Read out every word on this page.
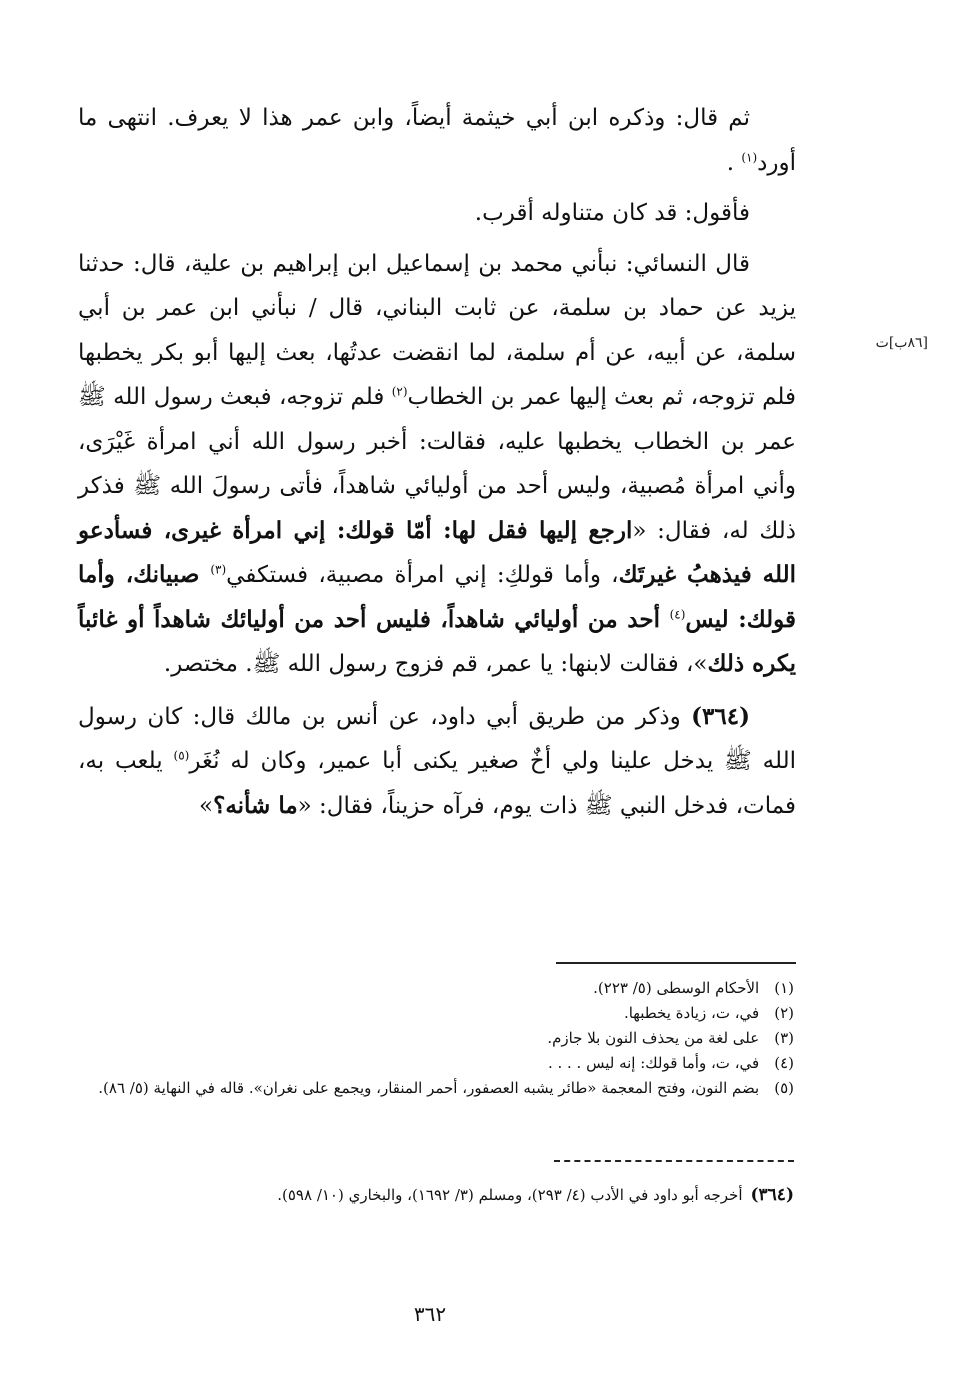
ثم قال: وذكره ابن أبي خيثمة أيضاً، وابن عمر هذا لا يعرف. انتهى ما أورد$^{(١)}$ .

فأقول: قد كان متناوله أقرب.

قال النسائي: نبأني محمد بن إسماعيل ابن إبراهيم بن علية، قال: حدثنا يزيد عن حماد بن سلمة، عن ثابت البناني، قال / نبأني ابن عمر بن أبي سلمة، عن أبيه، عن أم سلمة، لما انقضت عدتُها، بعث إليها أبو بكر يخطبها فلم تزوجه، ثم بعث إليها عمر بن الخطاب$^{(٢)}$ فلم تزوجه، فبعث رسول الله ﷺ عمر بن الخطاب يخطبها عليه، فقالت: أخبر رسول الله أني امرأة غَيْرَى، وأني امرأة مُصبية، وليس أحد من أوليائي شاهداً، فأتى رسولَ الله ﷺ فذكر ذلك له، فقال: «ارجع إليها فقل لها: أمّا قولك: إني امرأة غيرى، فسأدعو الله فيذهبُ غيرتَك، وأما قولكِ: إني امرأة مصبية، فستكفي$^{(٣)}$ صبيانك، وأما قولك: ليس$^{(٤)}$ أحد من أوليائي شاهداً، فليس أحد من أوليائك شاهداً أو غائباً يكره ذلك»، فقالت لابنها: يا عمر، قم فزوج رسول الله ﷺ. مختصر.

(٣٦٤) وذكر من طريق أبي داود، عن أنس بن مالك قال: كان رسول الله ﷺ يدخل علينا ولي أخٌ صغير يكنى أبا عمير، وكان له نُغَر$^{(٥)}$ يلعب به، فمات، فدخل النبي ﷺ ذات يوم، فرآه حزيناً، فقال: «ما شأنه؟»

[٨٦ب]ت
(١) الأحكام الوسطى (٥/ ٢٢٣).
(٢) في، ت، زيادة يخطبها.
(٣) على لغة من يحذف النون بلا جازم.
(٤) في، ت، وأما قولك: إنه ليس . . . .
(٥) بضم النون، وفتح المعجمة «طائر يشبه العصفور، أحمر المنقار، ويجمع على نغران». قاله في النهاية (٥/ ٨٦).
(٣٦٤)أخرجه أبو داود في الأدب (٤/ ٢٩٣)، ومسلم (٣/ ١٦٩٢)، والبخاري (١٠/ ٥٩٨).
٣٦٢
